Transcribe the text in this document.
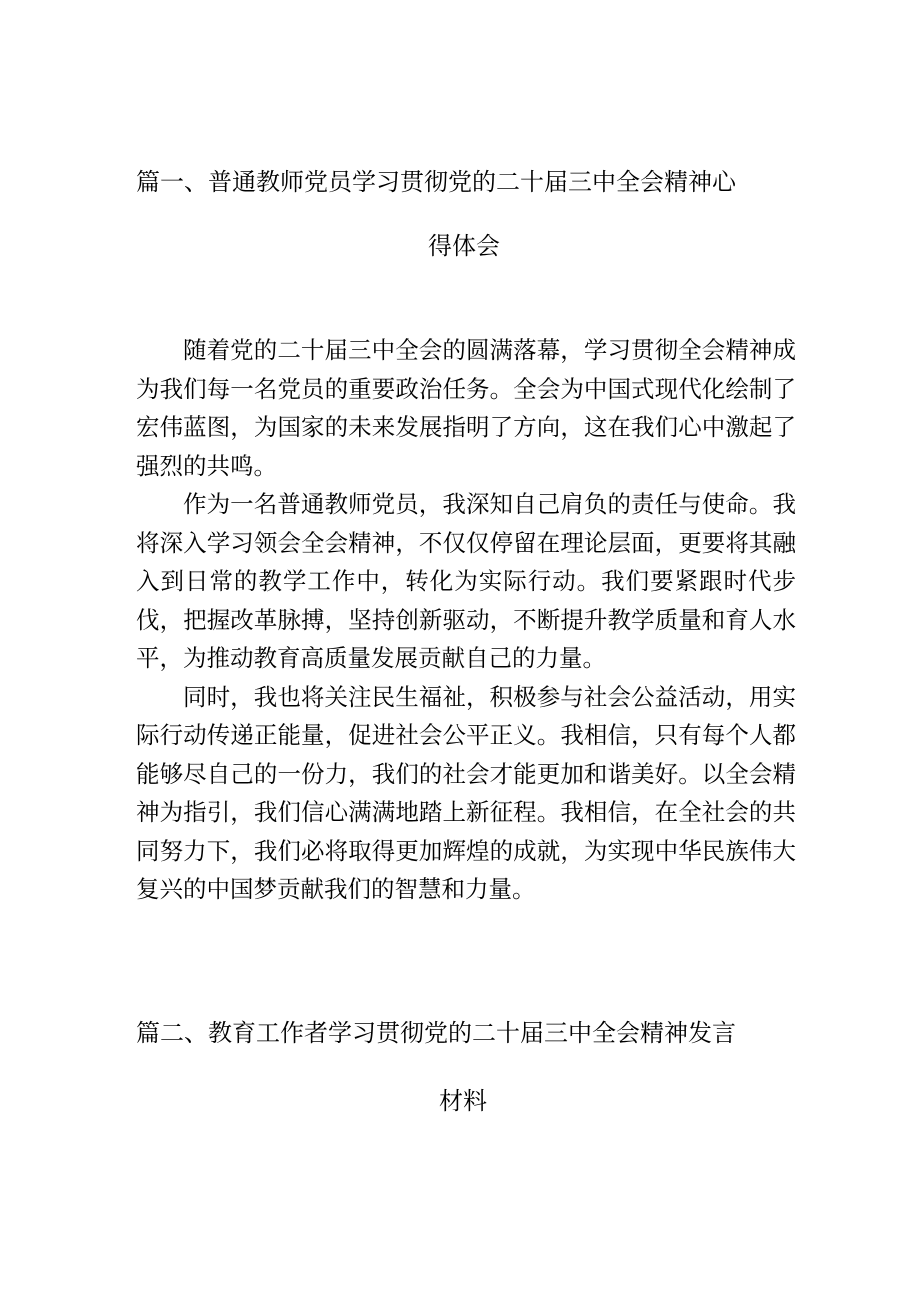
篇一、普通教师党员学习贯彻党的二十届三中全会精神心
得体会

随着党的二十届三中全会的圆满落幕，学习贯彻全会精神成为我们每一名党员的重要政治任务。全会为中国式现代化绘制了宏伟蓝图，为国家的未来发展指明了方向，这在我们心中激起了强烈的共鸣。

作为一名普通教师党员，我深知自己肩负的责任与使命。我将深入学习领会全会精神，不仅仅停留在理论层面，更要将其融入到日常的教学工作中，转化为实际行动。我们要紧跟时代步伐，把握改革脉搏，坚持创新驱动，不断提升教学质量和育人水平，为推动教育高质量发展贡献自己的力量。

同时，我也将关注民生福祉，积极参与社会公益活动，用实际行动传递正能量，促进社会公平正义。我相信，只有每个人都能够尽自己的一份力，我们的社会才能更加和谐美好。以全会精神为指引，我们信心满满地踏上新征程。我相信，在全社会的共同努力下，我们必将取得更加辉煌的成就，为实现中华民族伟大复兴的中国梦贡献我们的智慧和力量。

篇二、教育工作者学习贯彻党的二十届三中全会精神发言
材料
